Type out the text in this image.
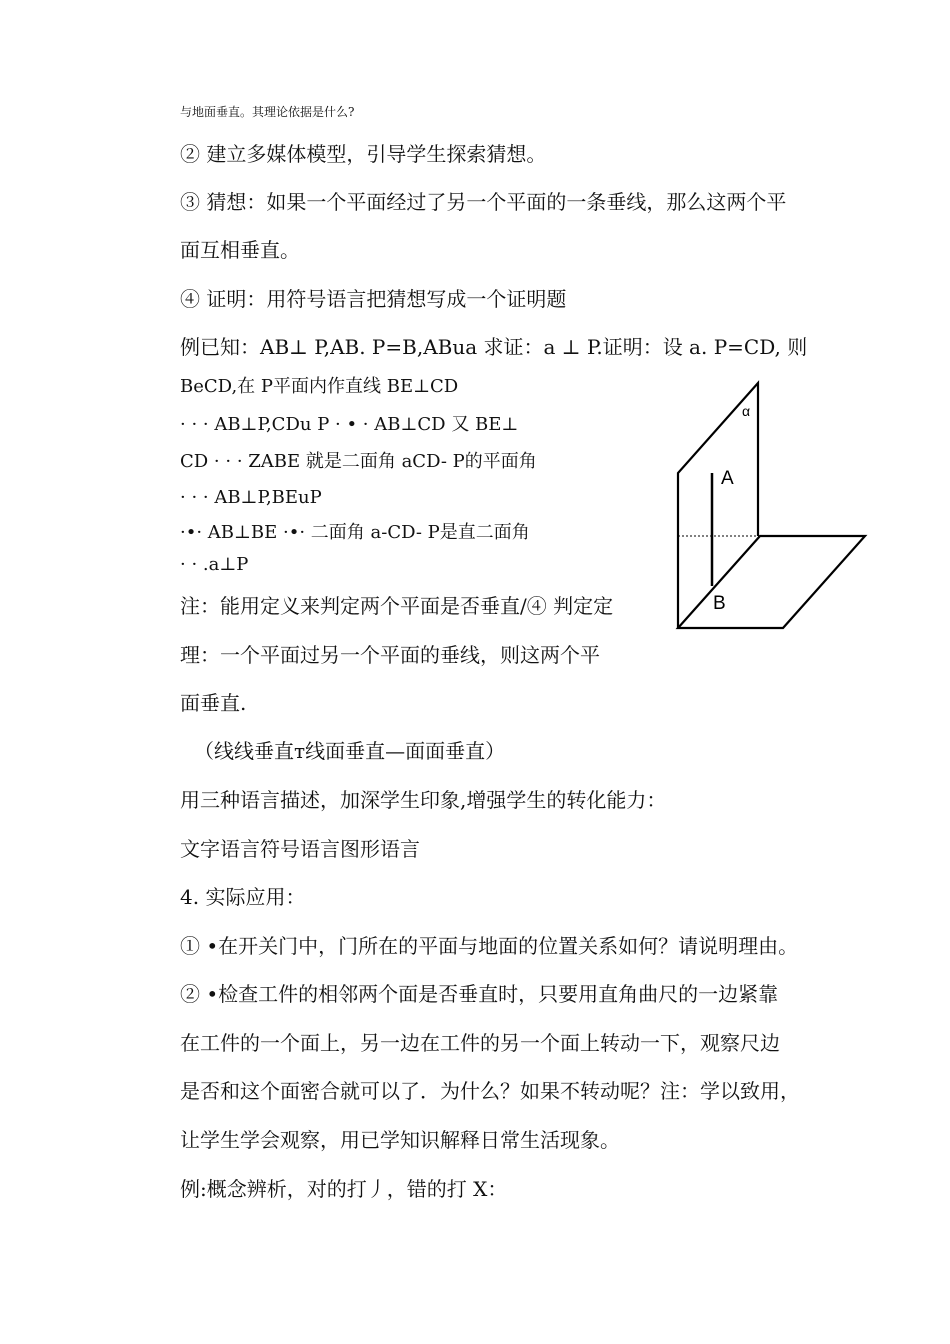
与地面垂直。其理论依据是什么?
② 建立多媒体模型，引导学生探索猜想。
③ 猜想：如果一个平面经过了另一个平面的一条垂线，那么这两个平
面互相垂直。
④ 证明：用符号语言把猜想写成一个证明题
例已知：AB⊥ P,AB. P=B,ABua 求证：a ⊥ P.证明：设 a. P=CD, 则
BeCD,在 P平面内作直线 BE⊥CD
· · · AB⊥P,CDu P · • · AB⊥CD 又 BE⊥
CD · · · ZABE 就是二面角 aCD- P的平面角
· · · AB⊥P,BEuP
·•· AB⊥BE ·•· 二面角 a-CD- P是直二面角
· · .a⊥P
注：能用定义来判定两个平面是否垂直/④ 判定定
理：一个平面过另一个平面的垂线，则这两个平
面垂直.
（线线垂直ᴛ线面垂直—面面垂直）
用三种语言描述，加深学生印象,增强学生的转化能力：
文字语言符号语言图形语言
4. 实际应用：
① •在开关门中，门所在的平面与地面的位置关系如何？请说明理由。
② •检查工件的相邻两个面是否垂直时，只要用直角曲尺的一边紧靠
在工件的一个面上，另一边在工件的另一个面上转动一下，观察尺边
是否和这个面密合就可以了．为什么？如果不转动呢？注：学以致用，
让学生学会观察，用已学知识解释日常生活现象。
例:概念辨析，对的打丿，错的打 X：
α
A
B
